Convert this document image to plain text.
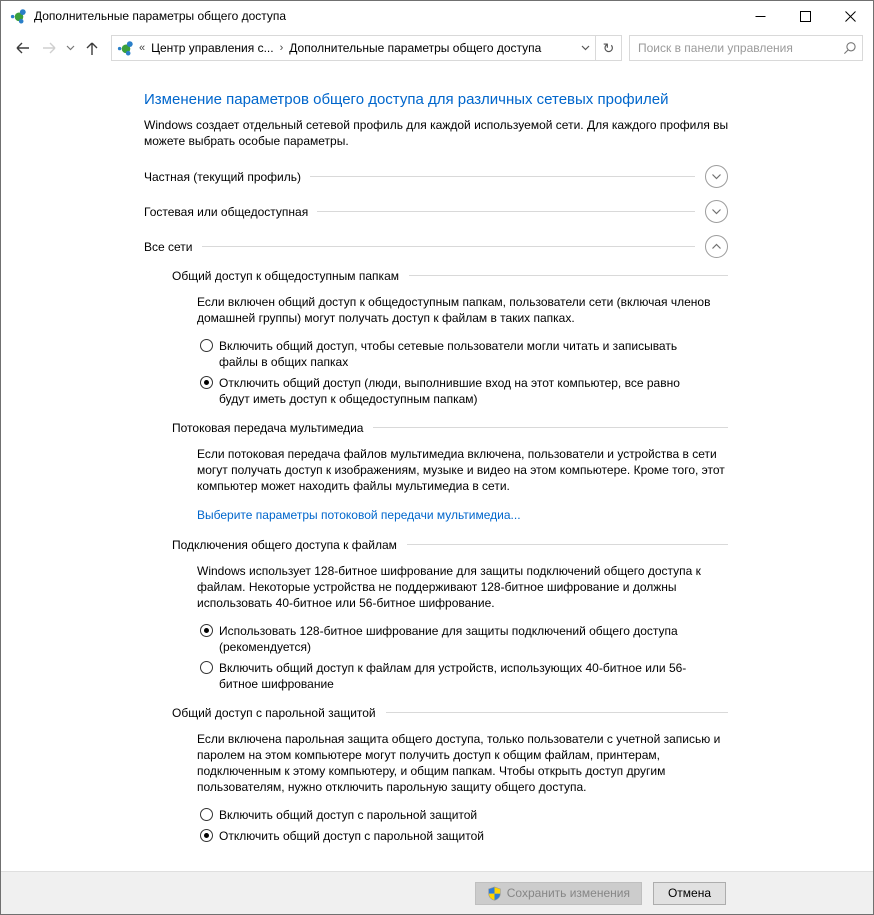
Дополнительные параметры общего доступа
« Центр управления с... › Дополнительные параметры общего доступа	↻
Поиск в панели управления
Изменение параметров общего доступа для различных сетевых профилей

Windows создает отдельный сетевой профиль для каждой используемой сети. Для каждого профиля вы можете выбрать особые параметры.

Частная (текущий профиль)
Гостевая или общедоступная
Все сети
Общий доступ к общедоступным папкам

Если включен общий доступ к общедоступным папкам, пользователи сети (включая членов домашней группы) могут получать доступ к файлам в таких папках.

Включить общий доступ, чтобы сетевые пользователи могли читать и записывать файлы в общих папках
Отключить общий доступ (люди, выполнившие вход на этот компьютер, все равно будут иметь доступ к общедоступным папкам)
Потоковая передача мультимедиа

Если потоковая передача файлов мультимедиа включена, пользователи и устройства в сети могут получать доступ к изображениям, музыке и видео на этом компьютере. Кроме того, этот компьютер может находить файлы мультимедиа в сети.

Выберите параметры потоковой передачи мультимедиа...
Подключения общего доступа к файлам

Windows использует 128-битное шифрование для защиты подключений общего доступа к файлам. Некоторые устройства не поддерживают 128-битное шифрование и должны использовать 40-битное или 56-битное шифрование.

Использовать 128-битное шифрование для защиты подключений общего доступа (рекомендуется)
Включить общий доступ к файлам для устройств, использующих 40-битное или 56-битное шифрование
Общий доступ с парольной защитой

Если включена парольная защита общего доступа, только пользователи с учетной записью и паролем на этом компьютере могут получить доступ к общим файлам, принтерам, подключенным к этому компьютеру, и общим папкам. Чтобы открыть доступ другим пользователям, нужно отключить парольную защиту общего доступа.

Включить общий доступ с парольной защитой
Отключить общий доступ с парольной защитой
Сохранить изменения	Отмена
